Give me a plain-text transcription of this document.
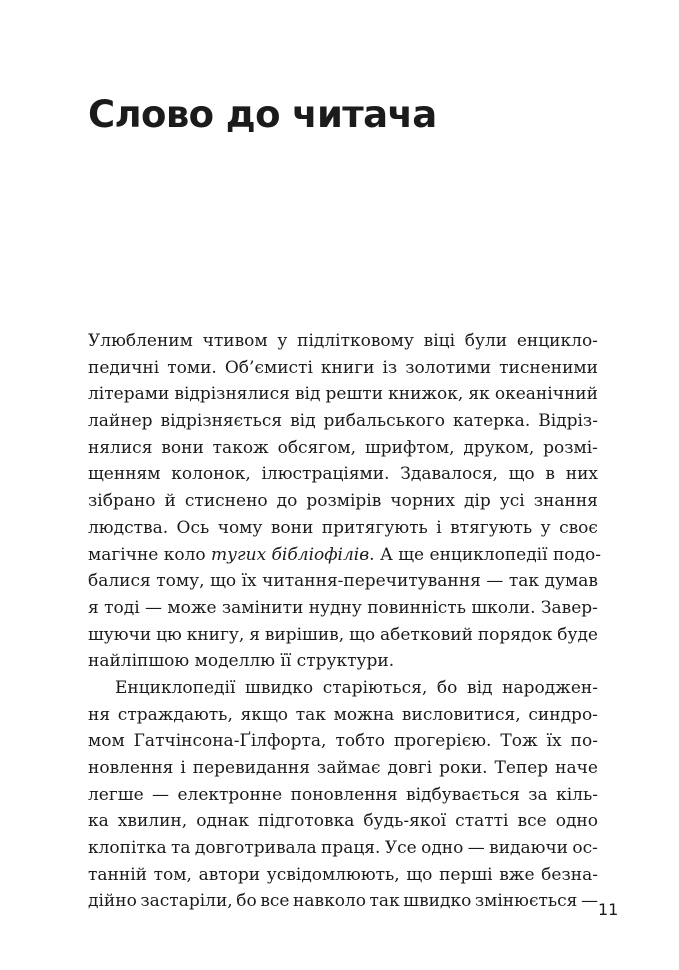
Слово до читача
Улюбленим чтивом у підлітковому віці були енцикло-
педичні томи. Об’ємисті книги із золотими тисненими
літерами відрізнялися від решти книжок, як океанічний
лайнер відрізняється від рибальського катерка. Відріз-
нялися вони також обсягом, шрифтом, друком, розмі-
щенням колонок, ілюстраціями. Здавалося, що в них
зібрано й стиснено до розмірів чорних дір усі знання
людства. Ось чому вони притягують і втягують у своє
магічне коло тугих бібліофілів . А ще енциклопедії подо-
балися тому, що їх читання-перечитування — так думав
я тоді — може замінити нудну повинність школи. Завер-
шуючи цю книгу, я вирішив, що абетковий порядок буде
найліпшою моделлю її структури.
Енциклопедії швидко старіються, бо від народжен-
ня страждають, якщо так можна висловитися, синдро-
мом Гатчінсона-Ґілфорта, тобто прогерією. Тож їх по-
новлення і перевидання займає довгі роки. Тепер наче
легше — електронне поновлення відбувається за кіль-
ка хвилин, однак підготовка будь-якої статті все одно
клопітка та довготривала праця. Усе одно — видаючи ос-
танній том, автори усвідомлюють, що перші вже безна-
дійно застаріли, бо все навколо так швидко змінюється — 11
